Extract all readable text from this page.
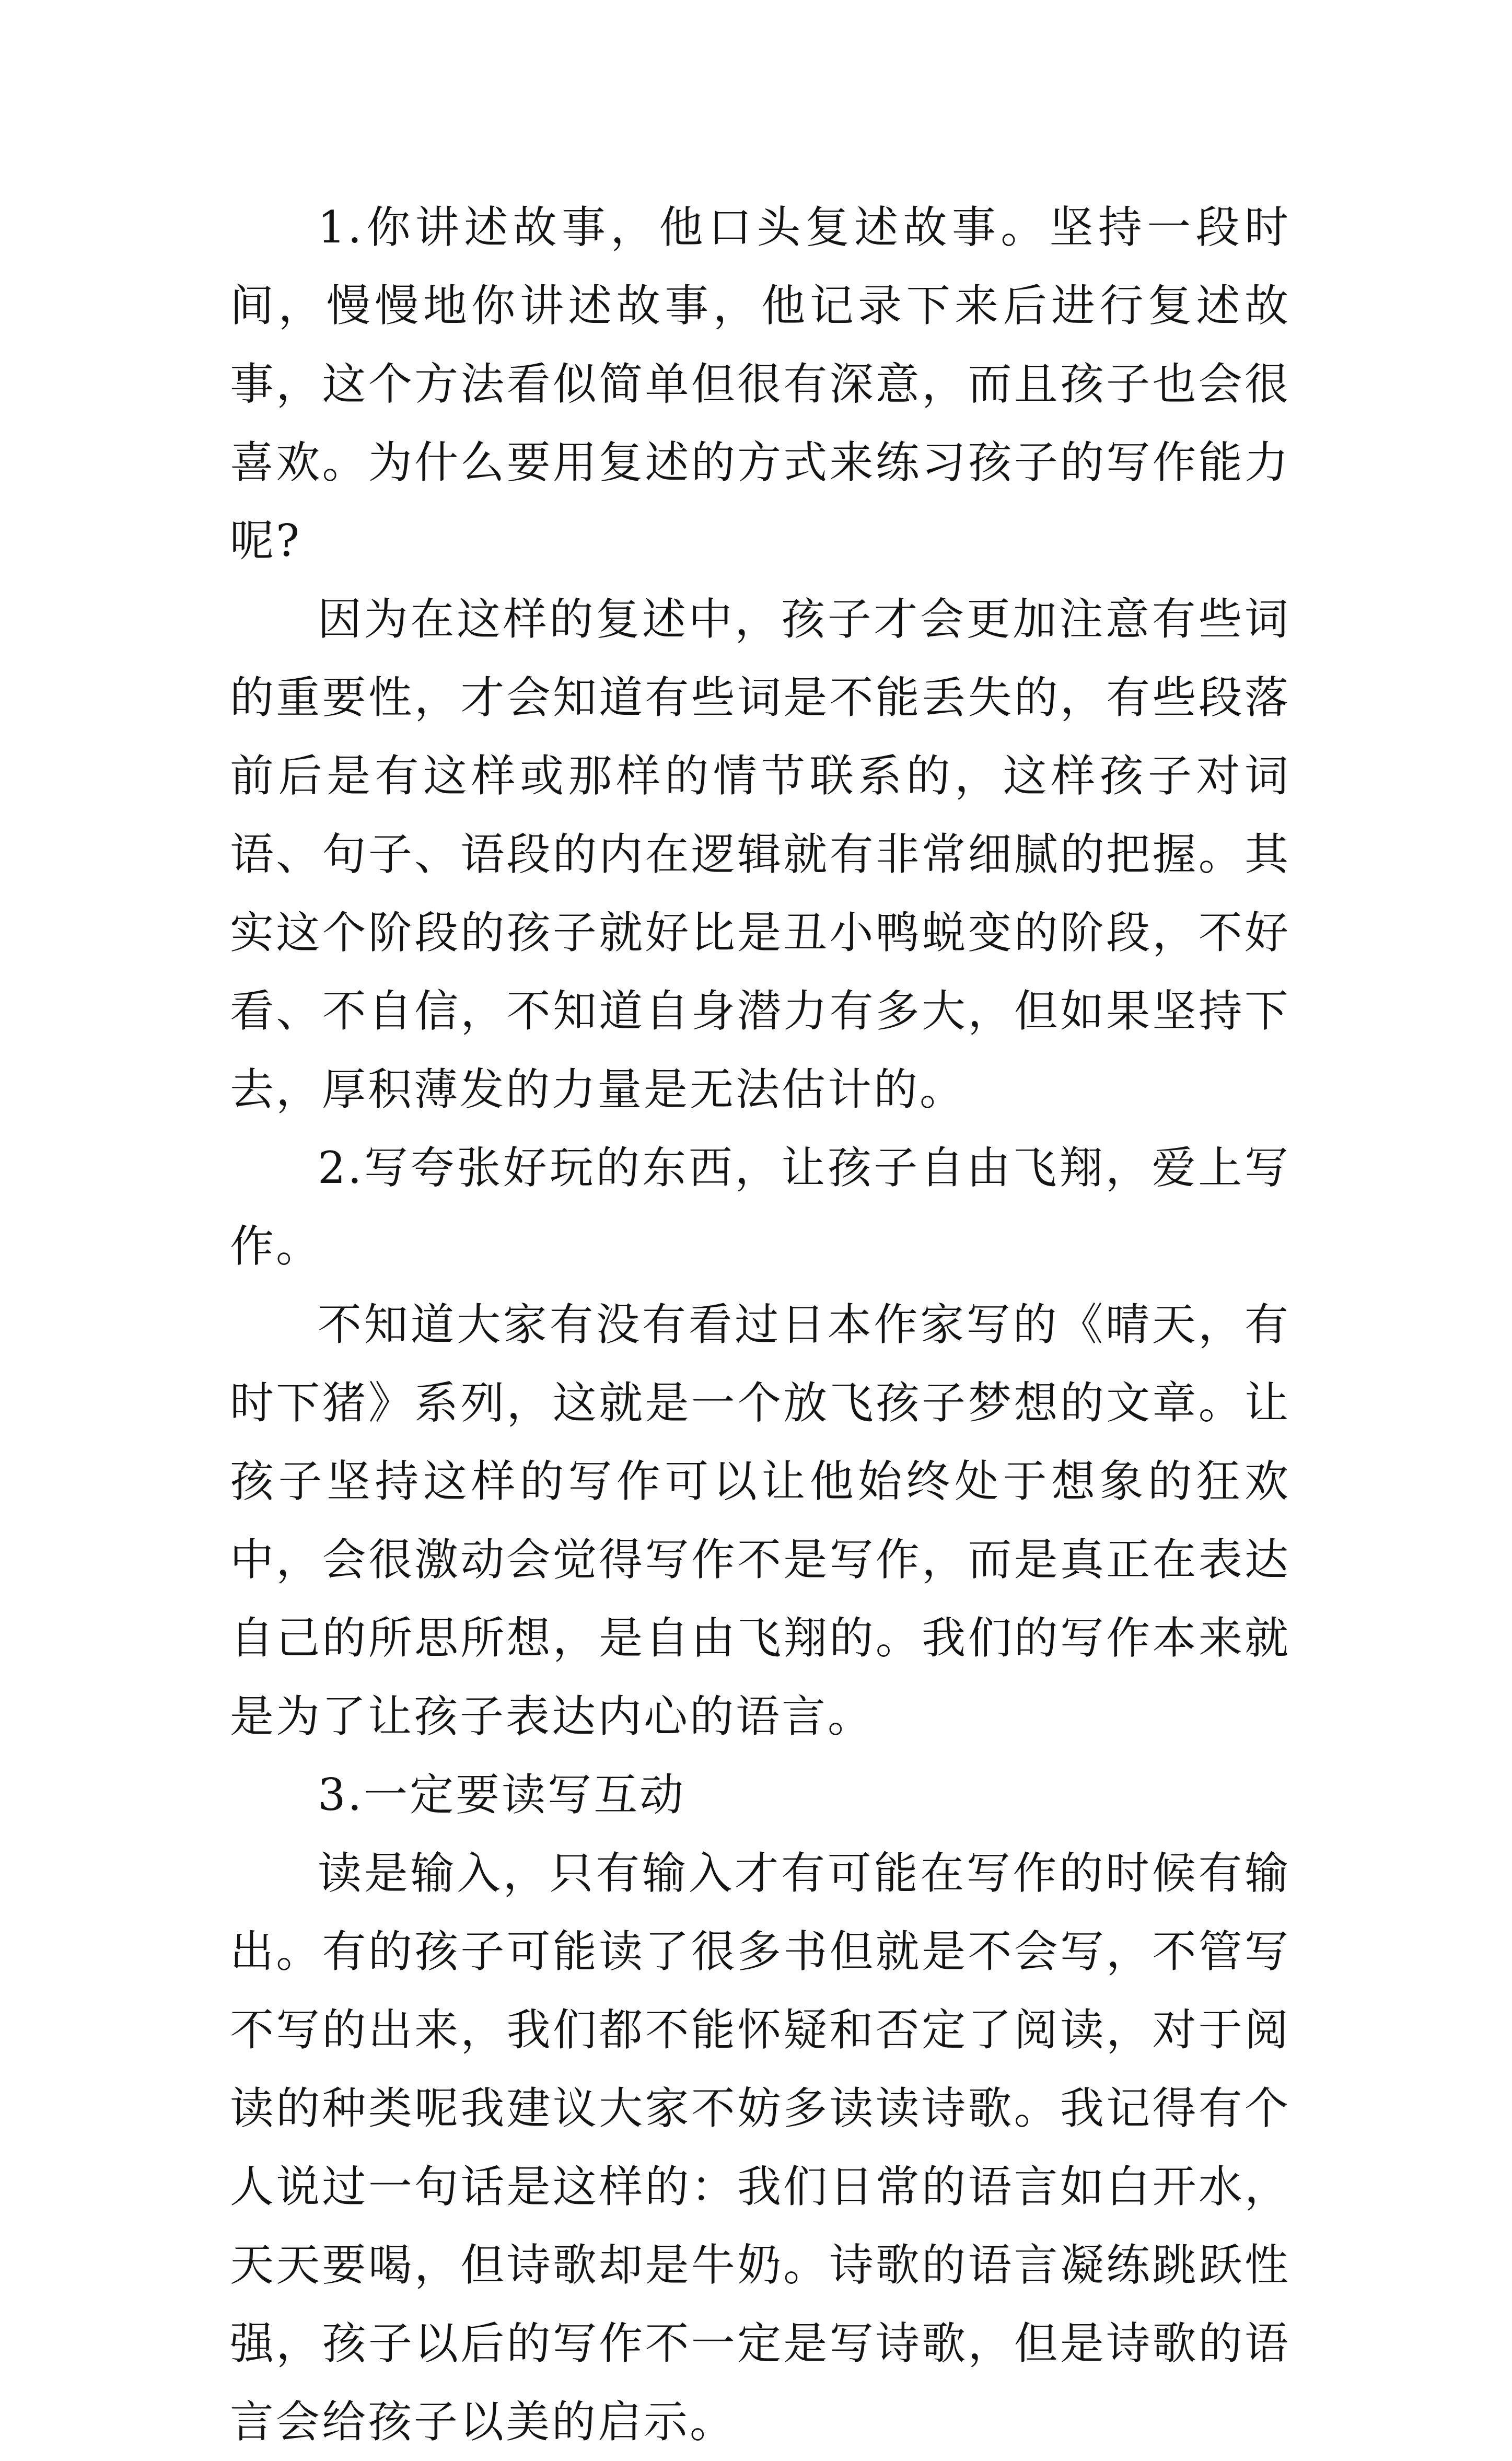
1.你讲述故事，他口头复述故事。坚持一段时间，慢慢地你讲述故事，他记录下来后进行复述故事，这个方法看似简单但很有深意，而且孩子也会很喜欢。为什么要用复述的方式来练习孩子的写作能力呢?

因为在这样的复述中，孩子才会更加注意有些词的重要性，才会知道有些词是不能丢失的，有些段落前后是有这样或那样的情节联系的，这样孩子对词语、句子、语段的内在逻辑就有非常细腻的把握。其实这个阶段的孩子就好比是丑小鸭蜕变的阶段，不好看、不自信，不知道自身潜力有多大，但如果坚持下去，厚积薄发的力量是无法估计的。

2.写夸张好玩的东西，让孩子自由飞翔，爱上写作。

不知道大家有没有看过日本作家写的《晴天，有时下猪》系列，这就是一个放飞孩子梦想的文章。让孩子坚持这样的写作可以让他始终处于想象的狂欢中，会很激动会觉得写作不是写作，而是真正在表达自己的所思所想，是自由飞翔的。我们的写作本来就是为了让孩子表达内心的语言。

3.一定要读写互动

读是输入，只有输入才有可能在写作的时候有输出。有的孩子可能读了很多书但就是不会写，不管写不写的出来，我们都不能怀疑和否定了阅读，对于阅读的种类呢我建议大家不妨多读读诗歌。我记得有个人说过一句话是这样的：我们日常的语言如白开水，天天要喝，但诗歌却是牛奶。诗歌的语言凝练跳跃性强，孩子以后的写作不一定是写诗歌，但是诗歌的语言会给孩子以美的启示。
